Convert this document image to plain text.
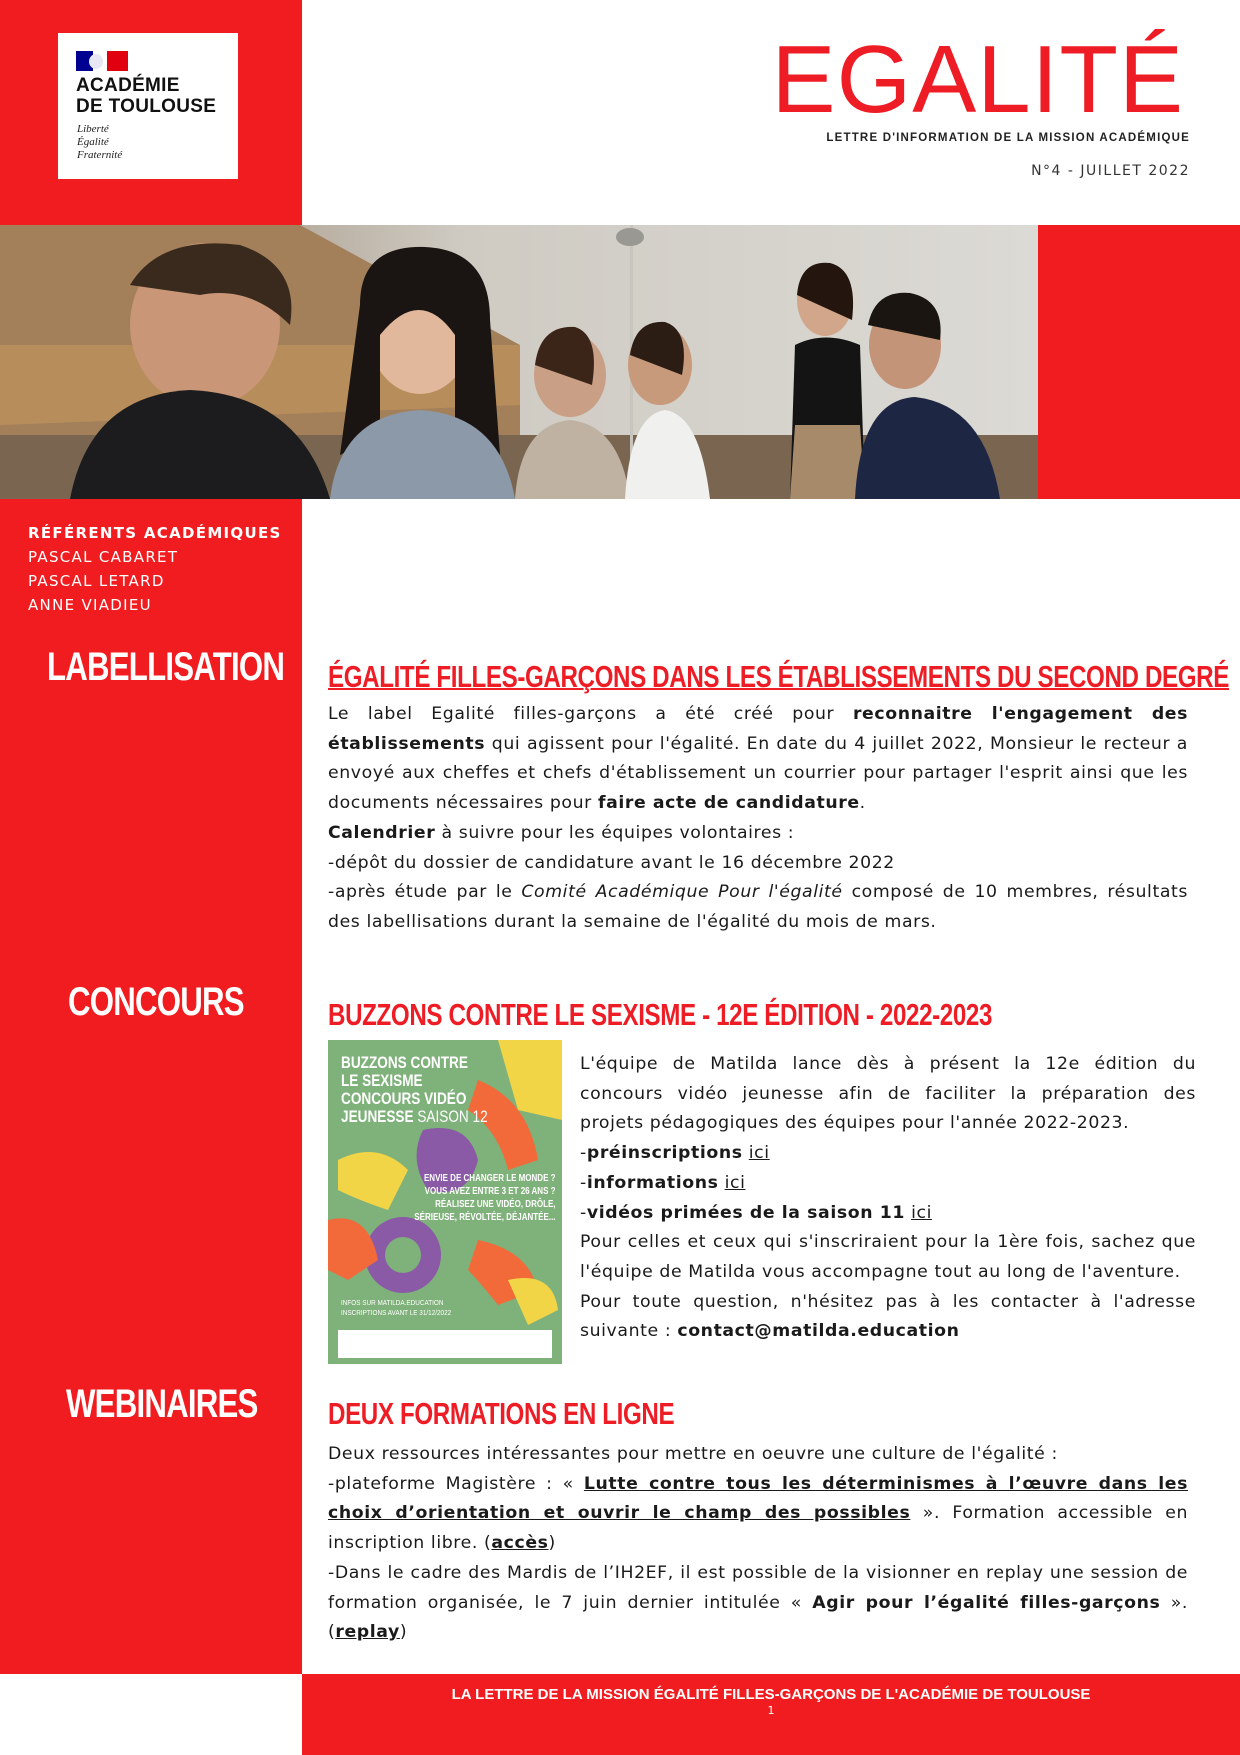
ACADÉMIE
DE TOULOUSE
Liberté
Égalité
Fraternité
EGALITÉ
LETTRE D'INFORMATION DE LA MISSION ACADÉMIQUE
N°4 - JUILLET 2022
RÉFÉRENTS ACADÉMIQUES
PASCAL CABARET
PASCAL LETARD
ANNE VIADIEU
LABELLISATION
CONCOURS
WEBINAIRES
ÉGALITÉ FILLES-GARÇONS DANS LES ÉTABLISSEMENTS DU SECOND DEGRÉ

Le label Egalité filles-garçons a été créé pour reconnaitre l'engagement des établissements qui agissent pour l'égalité. En date du 4 juillet 2022, Monsieur le recteur a envoyé aux cheffes et chefs d'établissement un courrier pour partager l'esprit ainsi que les documents nécessaires pour faire acte de candidature.

Calendrier à suivre pour les équipes volontaires :

-dépôt du dossier de candidature avant le 16 décembre 2022

-après étude par le Comité Académique Pour l'égalité composé de 10 membres, résultats des labellisations durant la semaine de l'égalité du mois de mars.

BUZZONS CONTRE LE SEXISME - 12E ÉDITION - 2022-2023
BUZZONS CONTRE
LE SEXISME
CONCOURS VIDÉO
JEUNESSE SAISON 12
ENVIE DE CHANGER LE MONDE ?
VOUS AVEZ ENTRE 3 ET 26 ANS ?
RÉALISEZ UNE VIDÉO, DRÔLE,
SÉRIEUSE, RÉVOLTÉE, DÉJANTÉE...
INFOS SUR MATILDA.EDUCATION
INSCRIPTIONS AVANT LE 31/12/2022

L'équipe de Matilda lance dès à présent la 12e édition du concours vidéo jeunesse afin de faciliter la préparation des projets pédagogiques des équipes pour l'année 2022-2023.

-préinscriptions ici

-informations ici

-vidéos primées de la saison 11 ici

Pour celles et ceux qui s'inscriraient pour la 1ère fois, sachez que l'équipe de Matilda vous accompagne tout au long de l'aventure.

Pour toute question, n'hésitez pas à les contacter à l'adresse suivante : contact@matilda.education

DEUX FORMATIONS EN LIGNE

Deux ressources intéressantes pour mettre en oeuvre une culture de l'égalité :

-plateforme Magistère : « Lutte contre tous les déterminismes à l’œuvre dans les choix d’orientation et ouvrir le champ des possibles ». Formation accessible en inscription libre. (accès)

-Dans le cadre des Mardis de l’IH2EF, il est possible de la visionner en replay une session de formation organisée, le 7 juin dernier intitulée « Agir pour l’égalité filles-garçons ». (replay)

LA LETTRE DE LA MISSION ÉGALITÉ FILLES-GARÇONS DE L'ACADÉMIE DE TOULOUSE
1
